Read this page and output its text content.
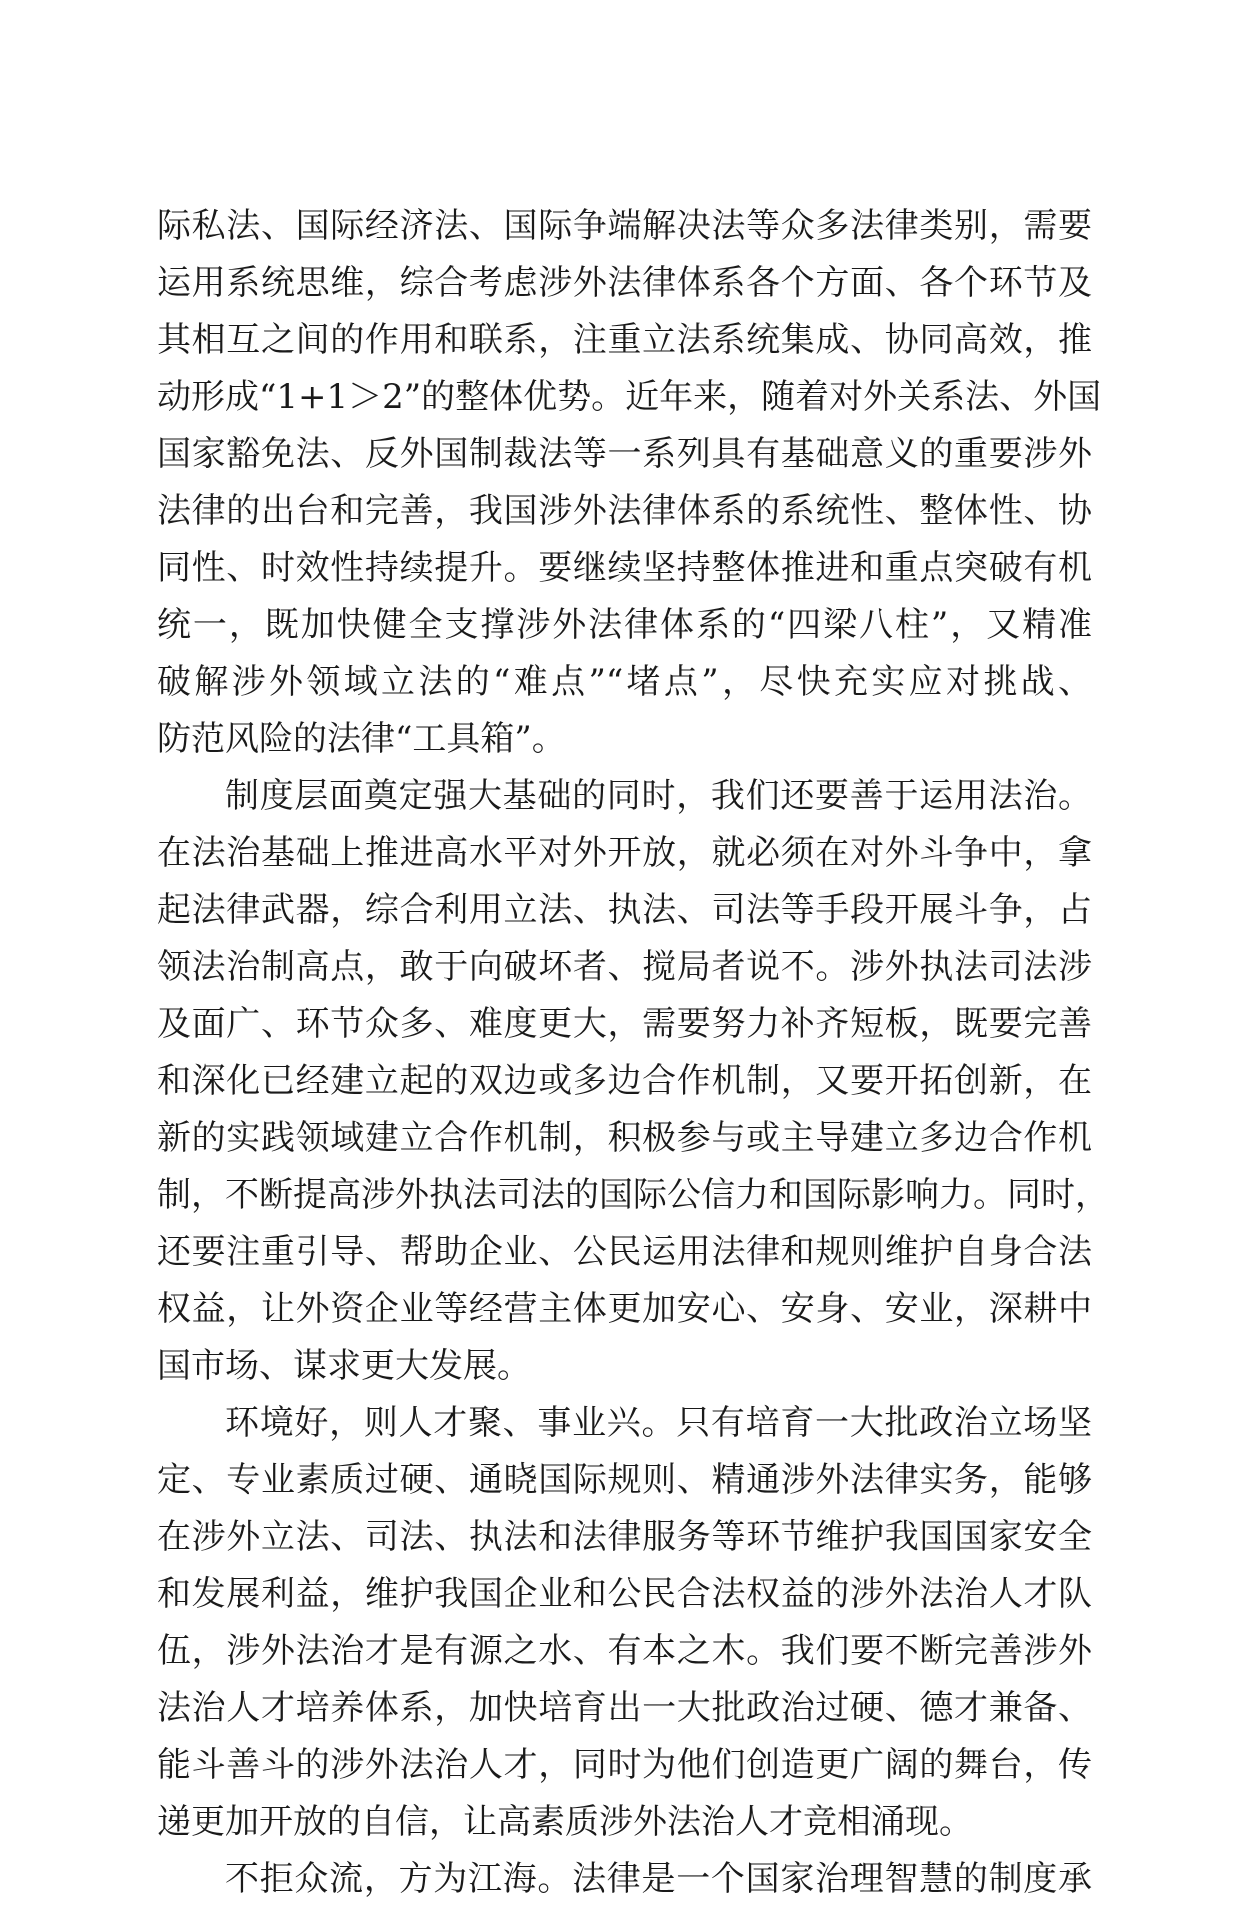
际私法、国际经济法、国际争端解决法等众多法律类别，需要
运用系统思维，综合考虑涉外法律体系各个方面、各个环节及
其相互之间的作用和联系，注重立法系统集成、协同高效，推
动形成“1+1＞2”的整体优势。近年来，随着对外关系法、外国
国家豁免法、反外国制裁法等一系列具有基础意义的重要涉外
法律的出台和完善，我国涉外法律体系的系统性、整体性、协
同性、时效性持续提升。要继续坚持整体推进和重点突破有机
统一，既加快健全支撑涉外法律体系的“四梁八柱”，又精准
破解涉外领域立法的“难点”“堵点”，尽快充实应对挑战、
防范风险的法律“工具箱”。
制度层面奠定强大基础的同时，我们还要善于运用法治。
在法治基础上推进高水平对外开放，就必须在对外斗争中，拿
起法律武器，综合利用立法、执法、司法等手段开展斗争，占
领法治制高点，敢于向破坏者、搅局者说不。涉外执法司法涉
及面广、环节众多、难度更大，需要努力补齐短板，既要完善
和深化已经建立起的双边或多边合作机制，又要开拓创新，在
新的实践领域建立合作机制，积极参与或主导建立多边合作机
制，不断提高涉外执法司法的国际公信力和国际影响力。同时，
还要注重引导、帮助企业、公民运用法律和规则维护自身合法
权益，让外资企业等经营主体更加安心、安身、安业，深耕中
国市场、谋求更大发展。
环境好，则人才聚、事业兴。只有培育一大批政治立场坚
定、专业素质过硬、通晓国际规则、精通涉外法律实务，能够
在涉外立法、司法、执法和法律服务等环节维护我国国家安全
和发展利益，维护我国企业和公民合法权益的涉外法治人才队
伍，涉外法治才是有源之水、有本之木。我们要不断完善涉外
法治人才培养体系，加快培育出一大批政治过硬、德才兼备、
能斗善斗的涉外法治人才，同时为他们创造更广阔的舞台，传
递更加开放的自信，让高素质涉外法治人才竞相涌现。
不拒众流，方为江海。法律是一个国家治理智慧的制度承
